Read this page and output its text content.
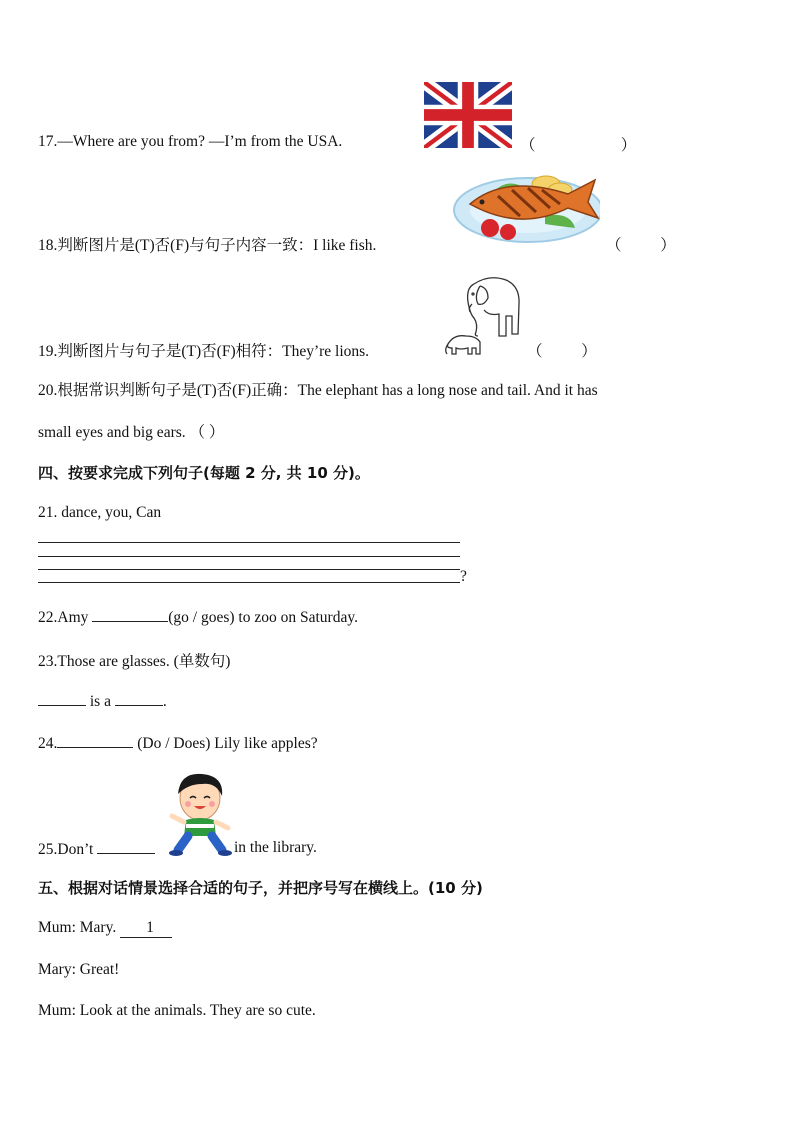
17.—Where are you from? —I’m from the USA.	（                      ）
18.判断图片是(T)否(F)与句子内容一致：I like fish.	（          ）
19.判断图片与句子是(T)否(F)相符：They’re lions.	（          ）
20.根据常识判断句子是(T)否(F)正确：The elephant has a long nose and tail. And it has
small eyes and big ears. （ ）
四、按要求完成下列句子(每题 2 分, 共 10 分)。
21. dance, you, Can
?
22.Amy	(go / goes) to zoo on Saturday.
23.Those are glasses. (单数句)
is a	.
24.	(Do / Does) Lily like apples?
25.Don’t	in the library.
五、根据对话情景选择合适的句子，并把序号写在横线上。(10 分)
Mum: Mary. 1
Mary: Great!
Mum: Look at the animals. They are so cute.
